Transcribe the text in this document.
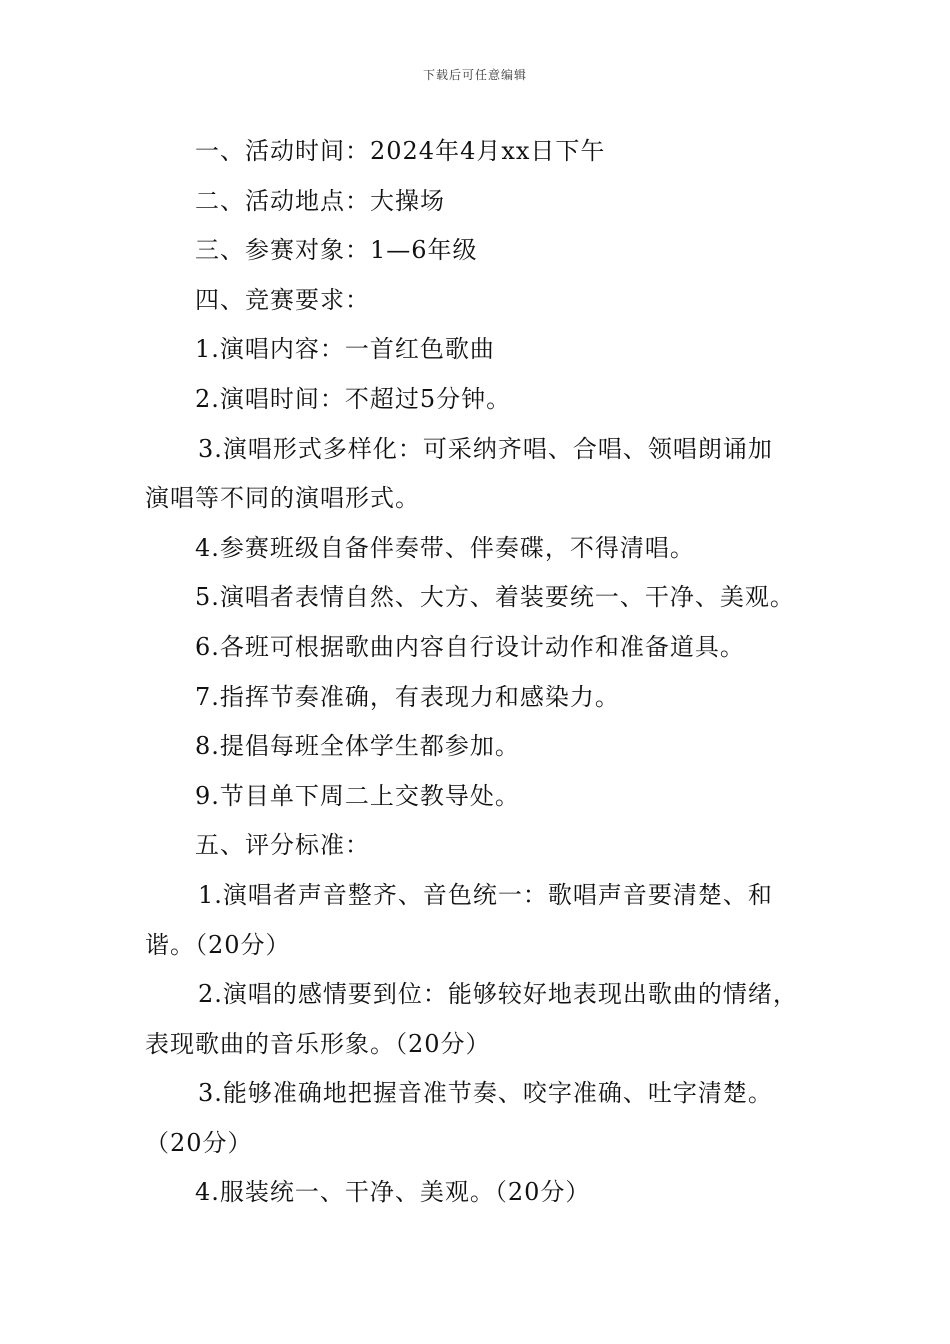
下载后可任意编辑
一、活动时间：2024年4月xx日下午
二、活动地点：大操场
三、参赛对象：1—6年级
四、竞赛要求：
1.演唱内容：一首红色歌曲
2.演唱时间：不超过5分钟。
3.演唱形式多样化：可采纳齐唱、合唱、领唱朗诵加
演唱等不同的演唱形式。
4.参赛班级自备伴奏带、伴奏碟，不得清唱。
5.演唱者表情自然、大方、着装要统一、干净、美观。
6.各班可根据歌曲内容自行设计动作和准备道具。
7.指挥节奏准确，有表现力和感染力。
8.提倡每班全体学生都参加。
9.节目单下周二上交教导处。
五、评分标准：
1.演唱者声音整齐、音色统一：歌唱声音要清楚、和
谐。（20分）
2.演唱的感情要到位：能够较好地表现出歌曲的情绪，
表现歌曲的音乐形象。（20分）
3.能够准确地把握音准节奏、咬字准确、吐字清楚。
（20分）
4.服装统一、干净、美观。（20分）
